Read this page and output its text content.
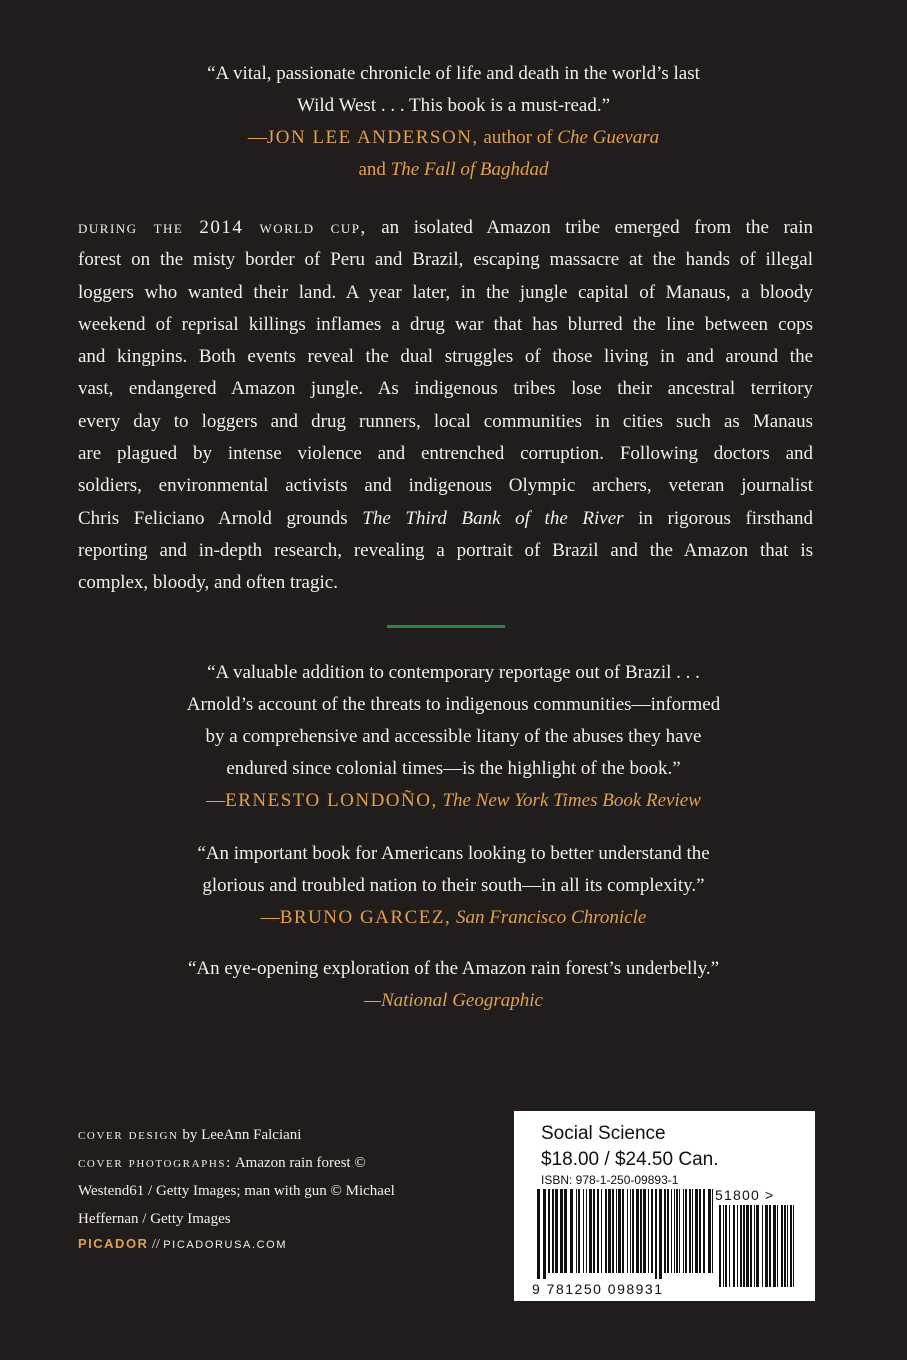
“A vital, passionate chronicle of life and death in the world’s last
Wild West . . . This book is a must-read.”
—JON LEE ANDERSON, author of Che Guevara
and The Fall of Baghdad
during the 2014 world cup, an isolated Amazon tribe emerged from the rain
forest on the misty border of Peru and Brazil, escaping massacre at the hands of illegal
loggers who wanted their land. A year later, in the jungle capital of Manaus, a bloody
weekend of reprisal killings inflames a drug war that has blurred the line between cops
and kingpins. Both events reveal the dual struggles of those living in and around the
vast, endangered Amazon jungle. As indigenous tribes lose their ancestral territory
every day to loggers and drug runners, local communities in cities such as Manaus
are plagued by intense violence and entrenched corruption. Following doctors and
soldiers, environmental activists and indigenous Olympic archers, veteran journalist
Chris Feliciano Arnold grounds The Third Bank of the River in rigorous firsthand
reporting and in-depth research, revealing a portrait of Brazil and the Amazon that is
complex, bloody, and often tragic.
“A valuable addition to contemporary reportage out of Brazil . . .
Arnold’s account of the threats to indigenous communities—informed
by a comprehensive and accessible litany of the abuses they have
endured since colonial times—is the highlight of the book.”
—ERNESTO LONDOÑO, The New York Times Book Review
“An important book for Americans looking to better understand the
glorious and troubled nation to their south—in all its complexity.”
—BRUNO GARCEZ, San Francisco Chronicle
“An eye-opening exploration of the Amazon rain forest’s underbelly.”
—National Geographic
cover design by LeeAnn Falciani
cover photographs: Amazon rain forest ©
Westend61 / Getty Images; man with gun © Michael
Heffernan / Getty Images
PICADOR // PICADORUSA.COM
Social Science
$18.00 / $24.50 Can.
ISBN: 978-1-250-09893-1
9 781250 098931
51800 >
